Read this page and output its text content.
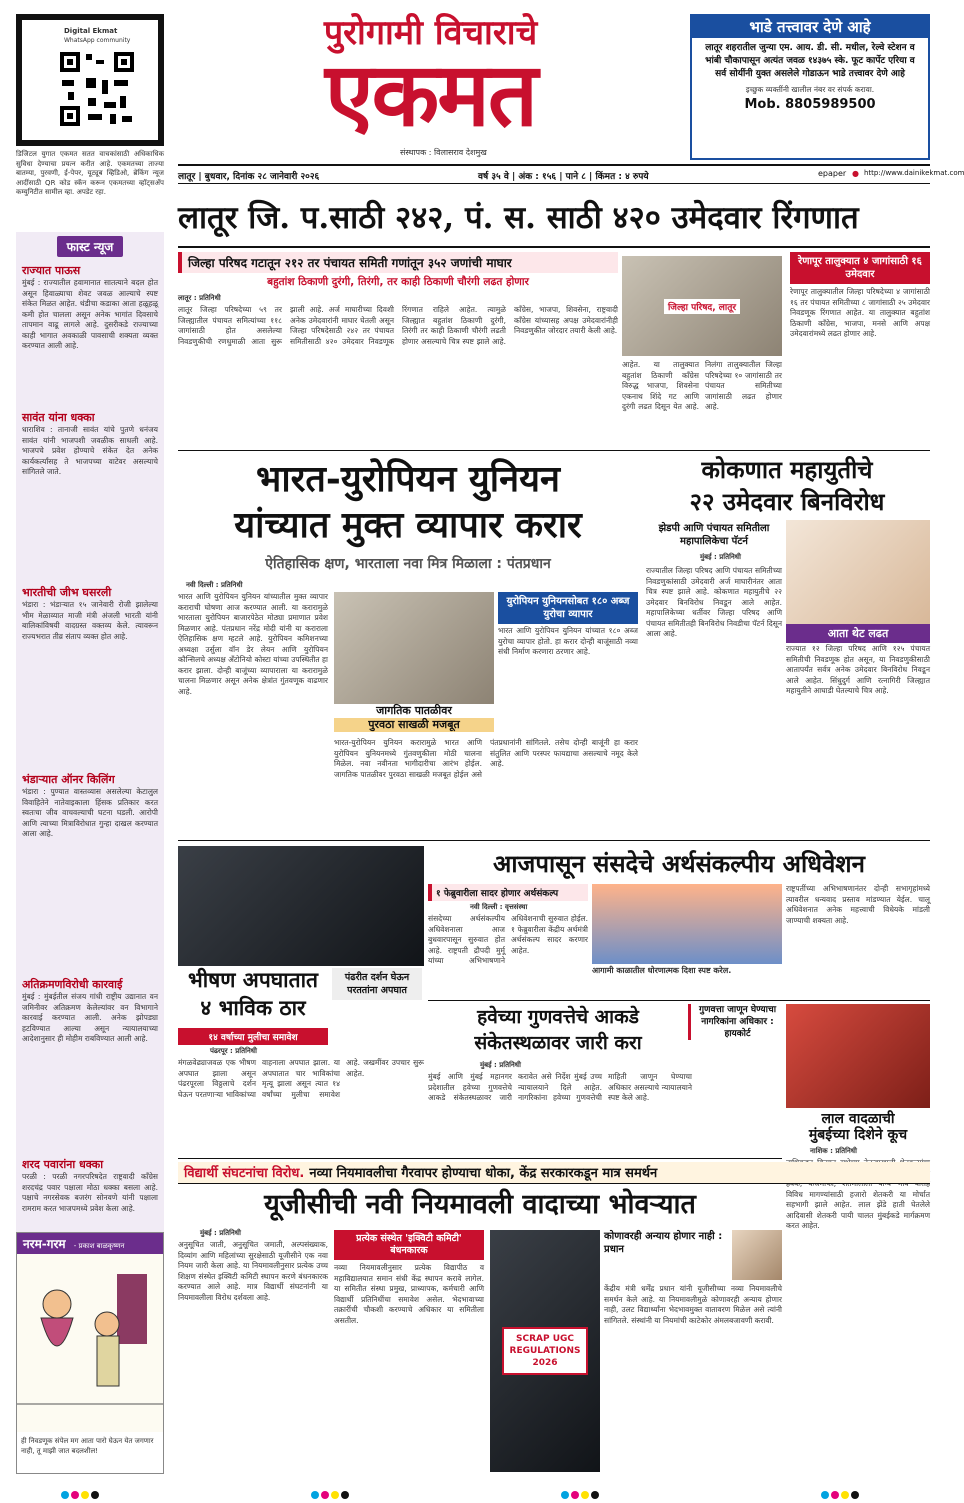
Digital Ekmat
WhatsApp community
डिजिटल युगात एकमत सतत वाचकांसाठी अधिकाधिक सुविधा देण्याचा प्रयत्न करीत आहे. एकमतच्या ताज्या बातम्या, पुरवणी, ई-पेपर, यूट्यूब व्हिडिओ, ब्रेकिंग न्यूज आदींसाठी QR कोड स्कॅन करून एकमतच्या व्हॉट्सअ‍ॅप कम्युनिटीत सामील व्हा. अपडेट रहा.
पुरोगामी विचाराचे
एकमत
संस्थापक : विलासराव देशमुख
भाडे तत्त्वावर देणे आहे
लातूर शहरातील जुन्या एम. आय. डी. सी. मधील, रेल्वे स्टेशन व भांबी चौकापासून अत्यंत जवळ १४३७५ स्के. फूट कार्पेट एरिया व सर्व सोयींनी युक्त असलेले गोडाऊन भाडे तत्त्वावर देणे आहे
इच्छुक व्यक्तींनी खालील नंबर वर संपर्क करावा.
Mob. 8805989500
लातूर | बुधवार, दिनांक २८ जानेवारी २०२६	वर्ष ३५ वे | अंक : १५६ | पाने ८ | किंमत : ४ रुपये	epaper ● http://www.dainikekmat.com
फास्ट न्यूज
राज्यात पाऊस
मुंबई : राज्यातील हवामानात सातत्याने बदल होत असून हिवाळ्याचा शेवट जवळ आल्याचे स्पष्ट संकेत मिळत आहेत. थंडीचा कडाका आता हळूहळू कमी होत चालला असून अनेक भागांत दिवसाचे तापमान वाढू लागले आहे. दुसरीकडे राज्याच्या काही भागात अवकाळी पावसाची शक्यता व्यक्त करण्यात आली आहे.
सावंत यांना धक्का
धाराशिव : तानाजी सावंत यांचे पुतणे धनंजय सावंत यांनी भाजपशी जवळीक साधली आहे. भाजपचे प्रवेश होण्याचे संकेत देत अनेक कार्यकर्त्यांसह ते भाजपच्या वाटेवर असल्याचे सांगितले जाते.
भारतीची जीभ घसरली
भंडारा : भंडाऱ्यात १५ जानेवारी रोजी झालेल्या भीम मेळाव्यात माजी मंत्री अंजली भारती यांनी बालिकांविषयी वादग्रस्त वक्तव्य केले. त्यावरून राज्यभरात तीव्र संताप व्यक्त होत आहे.
भंडाऱ्यात ऑनर किलिंग
भंडारा : पुण्यात वास्तव्यास असलेल्या केटालुल विवाहितेने नातेवाइकाला हिंसक प्रतिकार करत स्वतःचा जीव वाचवल्याची घटना घडली. आरोपी आणि त्याच्या मित्राविरोधात गुन्हा दाखल करण्यात आला आहे.
अतिक्रमणविरोधी कारवाई
मुंबई : मुंबईतील संजय गांधी राष्ट्रीय उद्यानात वन जमिनीवर अतिक्रमण केलेल्यांवर वन विभागाने कारवाई करण्यात आली. अनेक झोपड्या हटविण्यात आल्या असून न्यायालयाच्या आदेशानुसार ही मोहीम राबविण्यात आली आहे.
शरद पवारांना धक्का
परळी : परळी नगरपरिषदेत राष्ट्रवादी काँग्रेस शरदचंद्र पवार पक्षाला मोठा धक्का बसला आहे. पक्षाचे नगरसेवक बजरंग सोनवणे यांनी पक्षाला रामराम करत भाजपमध्ये प्रवेश केला आहे.
नरम-गरम - प्रकाश बाळकृष्णन
ही निवडणूक संपेल मग आता पारो घेऊन येत जगणार नाही, तू माझी जात बदलशील!
लातूर जि. प.साठी २४२, पं. स. साठी ४२० उमेदवार रिंगणात
जिल्हा परिषद गटातून २१२ तर पंचायत समिती गणांतून ३५२ जणांची माघार
बहुतांश ठिकाणी दुरंगी, तिरंगी, तर काही ठिकाणी चौरंगी लढत होणार
लातूर : प्रतिनिधी
लातूर जिल्हा परिषदेच्या ५९ तर जिल्ह्यातील पंचायत समित्यांच्या ११८ जागांसाठी होत असलेल्या निवडणुकीची रणधुमाळी आता सुरू झाली आहे. अर्ज माघारीच्या दिवशी अनेक उमेदवारांनी माघार घेतली असून जिल्हा परिषदेसाठी २४२ तर पंचायत समितीसाठी ४२० उमेदवार निवडणूक रिंगणात राहिले आहेत. त्यामुळे जिल्ह्यात बहुतांश ठिकाणी दुरंगी, तिरंगी तर काही ठिकाणी चौरंगी लढती होणार असल्याचे चित्र स्पष्ट झाले आहे. काँग्रेस, भाजपा, शिवसेना, राष्ट्रवादी काँग्रेस यांच्यासह अपक्ष उमेदवारांनीही निवडणुकीत जोरदार तयारी केली आहे.
जिल्हा परिषद, लातूर
आहेत. या तालुक्यात बहुतांश ठिकाणी काँग्रेस विरुद्ध भाजपा, शिवसेना एकनाथ शिंदे गट आणि दुरंगी लढत दिसून येत आहे. निलंगा तालुक्यातील जिल्हा परिषदेच्या १० जागांसाठी तर पंचायत समितीच्या जागांसाठी लढत होणार आहे.
रेणापूर तालुक्यात ४ जागांसाठी १६ उमेदवार
रेणापूर तालुक्यातील जिल्हा परिषदेच्या ४ जागांसाठी १६ तर पंचायत समितीच्या ८ जागांसाठी २५ उमेदवार निवडणूक रिंगणात आहेत. या तालुक्यात बहुतांश ठिकाणी काँग्रेस, भाजपा, मनसे आणि अपक्ष उमेदवारांमध्ये लढत होणार आहे.
भारत-युरोपियन युनियन
यांच्यात मुक्त व्यापार करार
ऐतिहासिक क्षण, भारताला नवा मित्र मिळाला : पंतप्रधान
नवी दिल्ली : प्रतिनिधी
भारत आणि युरोपियन युनियन यांच्यातील मुक्त व्यापार कराराची घोषणा आज करण्यात आली. या करारामुळे भारताला युरोपियन बाजारपेठेत मोठ्या प्रमाणात प्रवेश मिळणार आहे. पंतप्रधान नरेंद्र मोदी यांनी या कराराला ऐतिहासिक क्षण म्हटले आहे. युरोपियन कमिशनच्या अध्यक्षा उर्सुला वॉन डेर लेयन आणि युरोपियन कौन्सिलचे अध्यक्ष अँटोनियो कोस्टा यांच्या उपस्थितीत हा करार झाला. दोन्ही बाजूंच्या व्यापाराला या करारामुळे चालना मिळणार असून अनेक क्षेत्रांत गुंतवणूक वाढणार आहे.
जागतिक पातळीवर
पुरवठा साखळी मजबूत
युरोपियन युनियनसोबत १८० अब्ज युरोचा व्यापार
भारत आणि युरोपियन युनियन यांच्यात १८० अब्ज युरोचा व्यापार होतो. हा करार दोन्ही बाजूंसाठी नव्या संधी निर्माण करणारा ठरणार आहे.
भारत-युरोपियन युनियन करारामुळे भारत आणि युरोपियन युनियनमध्ये गुंतवणुकीला मोठी चालना मिळेल. नवा नवीनता भागीदारीचा आरंभ होईल. जागतिक पातळीवर पुरवठा साखळी मजबूत होईल असे पंतप्रधानांनी सांगितले. तसेच दोन्ही बाजूंनी हा करार संतुलित आणि परस्पर फायद्याचा असल्याचे नमूद केले आहे.
कोकणात महायुतीचे
२२ उमेदवार बिनविरोध
झेडपी आणि पंचायत समितीला महापालिकेचा पॅटर्न
मुंबई : प्रतिनिधी
आता थेट लढत
राज्यातील जिल्हा परिषद आणि पंचायत समितीच्या निवडणुकांसाठी उमेदवारी अर्ज माघारीनंतर आता चित्र स्पष्ट झाले आहे. कोकणात महायुतीचे २२ उमेदवार बिनविरोध निवडून आले आहेत. महापालिकेच्या धर्तीवर जिल्हा परिषद आणि पंचायत समितीतही बिनविरोध निवडीचा पॅटर्न दिसून आला आहे.
राज्यात १२ जिल्हा परिषद आणि १२५ पंचायत समितीची निवडणूक होत असून, या निवडणुकीसाठी आतापर्यंत सर्वत्र अनेक उमेदवार बिनविरोध निवडून आले आहेत. सिंधुदुर्ग आणि रत्नागिरी जिल्ह्यात महायुतीने आघाडी घेतल्याचे चित्र आहे.
भीषण अपघातात
४ भाविक ठार
पंढरीत दर्शन घेऊन परततांना अपघात
१४ वर्षाच्या मुलीचा समावेश
पंढरपूर : प्रतिनिधी
मंगळवेढ्याजवळ एक भीषण अपघात झाला असून पंढरपूरला विठ्ठलाचे दर्शन घेऊन परतणाऱ्या भाविकांच्या वाहनाला अपघात झाला. या अपघातात चार भाविकांचा मृत्यू झाला असून त्यात १४ वर्षांच्या मुलीचा समावेश आहे. जखमींवर उपचार सुरू आहेत.
आजपासून संसदेचे अर्थसंकल्पीय अधिवेशन
१ फेब्रुवारीला सादर होणार अर्थसंकल्प
नवी दिल्ली : वृत्तसंस्था
संसदेच्या अर्थसंकल्पीय अधिवेशनाला आज बुधवारपासून सुरुवात होत आहे. राष्ट्रपती द्रौपदी मुर्मू यांच्या अभिभाषणाने अधिवेशनाची सुरुवात होईल. १ फेब्रुवारीला केंद्रीय अर्थमंत्री अर्थसंकल्प सादर करणार आहेत.
आगामी काळातील धोरणात्मक दिशा स्पष्ट करेल.
राष्ट्रपतींच्या अभिभाषणानंतर दोन्ही सभागृहांमध्ये त्यावरील धन्यवाद प्रस्ताव मांडण्यात येईल. चालू अधिवेशनात अनेक महत्त्वाची विधेयके मांडली जाण्याची शक्यता आहे.
हवेच्या गुणवत्तेचे आकडे
संकेतस्थळावर जारी करा
गुणवत्ता जाणून घेण्याचा नागरिकांना अधिकार : हायकोर्ट
मुंबई : प्रतिनिधी
मुंबई आणि मुंबई महानगर प्रदेशातील हवेच्या गुणवत्तेचे आकडे संकेतस्थळावर जारी करावेत असे निर्देश मुंबई उच्च न्यायालयाने दिले आहेत. नागरिकांना हवेच्या गुणवत्तेची माहिती जाणून घेण्याचा अधिकार असल्याचे न्यायालयाने स्पष्ट केले आहे.
लाल वादळाची
मुंबईच्या दिशेने कूच
नाशिक : प्रतिनिधी
विविध मागण्यांसाठी हजारो शेतकरी या मोर्चात सहभागी झाले आहेत. लाल झेंडे हाती घेतलेले आदिवासी शेतकरी पायी चालत मुंबईकडे मार्गक्रमण करत आहेत.
विद्यार्थी संघटनांचा विरोध. नव्या नियमावलीचा गैरवापर होण्याचा धोका, केंद्र सरकारकडून मात्र समर्थन
यूजीसीची नवी नियमावली वादाच्या भोवऱ्यात
मुंबई : प्रतिनिधी
अनुसूचित जाती, अनुसूचित जमाती, अल्पसंख्याक, दिव्यांग आणि महिलांच्या सुरक्षेसाठी यूजीसीने एक नवा नियम जारी केला आहे. या नियमावलीनुसार प्रत्येक उच्च शिक्षण संस्थेत इक्विटी कमिटी स्थापन करणे बंधनकारक करण्यात आले आहे. मात्र विद्यार्थी संघटनांनी या नियमावलीला विरोध दर्शवला आहे.
प्रत्येक संस्थेत 'इक्विटी कमिटी' बंधनकारक
नव्या नियमावलीनुसार प्रत्येक विद्यापीठ व महाविद्यालयात समान संधी केंद्र स्थापन करावे लागेल. या समितीत संस्था प्रमुख, प्राध्यापक, कर्मचारी आणि विद्यार्थी प्रतिनिधींचा समावेश असेल. भेदभावाच्या तक्रारींची चौकशी करण्याचे अधिकार या समितीला असतील.
SCRAP UGC REGULATIONS 2026
कोणावरही अन्याय होणार नाही : प्रधान
केंद्रीय मंत्री धर्मेंद्र प्रधान यांनी यूजीसीच्या नव्या नियमावलीचे समर्थन केले आहे. या नियमावलीमुळे कोणावरही अन्याय होणार नाही, उलट विद्यार्थ्यांना भेदभावमुक्त वातावरण मिळेल असे त्यांनी सांगितले. संस्थांनी या नियमांची काटेकोर अंमलबजावणी करावी.
